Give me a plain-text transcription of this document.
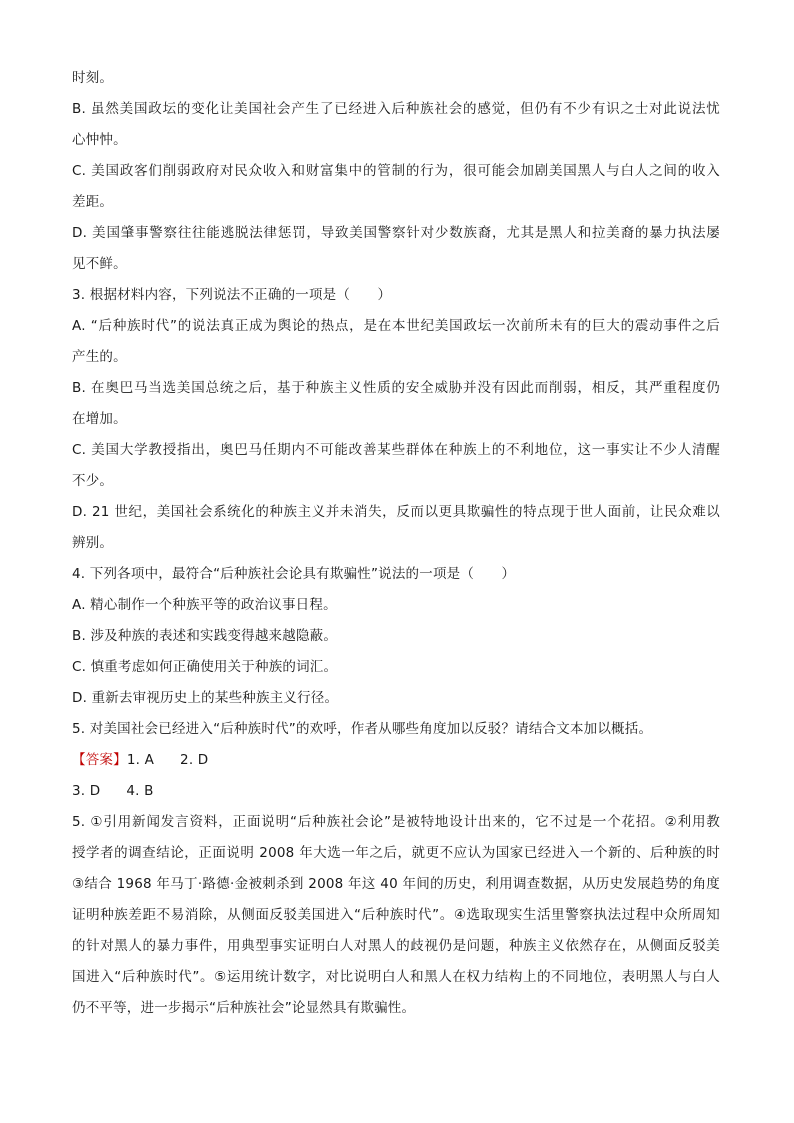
时刻。
B. 虽然美国政坛的变化让美国社会产生了已经进入后种族社会的感觉，但仍有不少有识之士对此说法忧
心忡忡。
C. 美国政客们削弱政府对民众收入和财富集中的管制的行为，很可能会加剧美国黑人与白人之间的收入
差距。
D. 美国肇事警察往往能逃脱法律惩罚，导致美国警察针对少数族裔，尤其是黑人和拉美裔的暴力执法屡
见不鲜。
3. 根据材料内容，下列说法不正确的一项是（　　）
A. “后种族时代”的说法真正成为舆论的热点，是在本世纪美国政坛一次前所未有的巨大的震动事件之后
产生的。
B. 在奥巴马当选美国总统之后，基于种族主义性质的安全威胁并没有因此而削弱，相反，其严重程度仍
在增加。
C. 美国大学教授指出，奥巴马任期内不可能改善某些群体在种族上的不利地位，这一事实让不少人清醒
不少。
D. 21 世纪，美国社会系统化的种族主义并未消失，反而以更具欺骗性的特点现于世人面前，让民众难以
辨别。
4. 下列各项中，最符合“后种族社会论具有欺骗性”说法的一项是（　　）
A. 精心制作一个种族平等的政治议事日程。
B. 涉及种族的表述和实践变得越来越隐蔽。
C. 慎重考虑如何正确使用关于种族的词汇。
D. 重新去审视历史上的某些种族主义行径。
5. 对美国社会已经进入“后种族时代”的欢呼，作者从哪些角度加以反驳？请结合文本加以概括。
【答案】1. A 2. D
3. D 4. B
5. ①引用新闻发言资料，正面说明“后种族社会论”是被特地设计出来的，它不过是一个花招。②利用教
授学者的调查结论，正面说明 2008 年大选一年之后，就更不应认为国家已经进入一个新的、后种族的时
③结合 1968 年马丁·路德·金被刺杀到 2008 年这 40 年间的历史，利用调查数据，从历史发展趋势的角度
证明种族差距不易消除，从侧面反驳美国进入“后种族时代”。④选取现实生活里警察执法过程中众所周知
的针对黑人的暴力事件，用典型事实证明白人对黑人的歧视仍是问题，种族主义依然存在，从侧面反驳美
国进入“后种族时代”。⑤运用统计数字，对比说明白人和黑人在权力结构上的不同地位，表明黑人与白人
仍不平等，进一步揭示“后种族社会”论显然具有欺骗性。
